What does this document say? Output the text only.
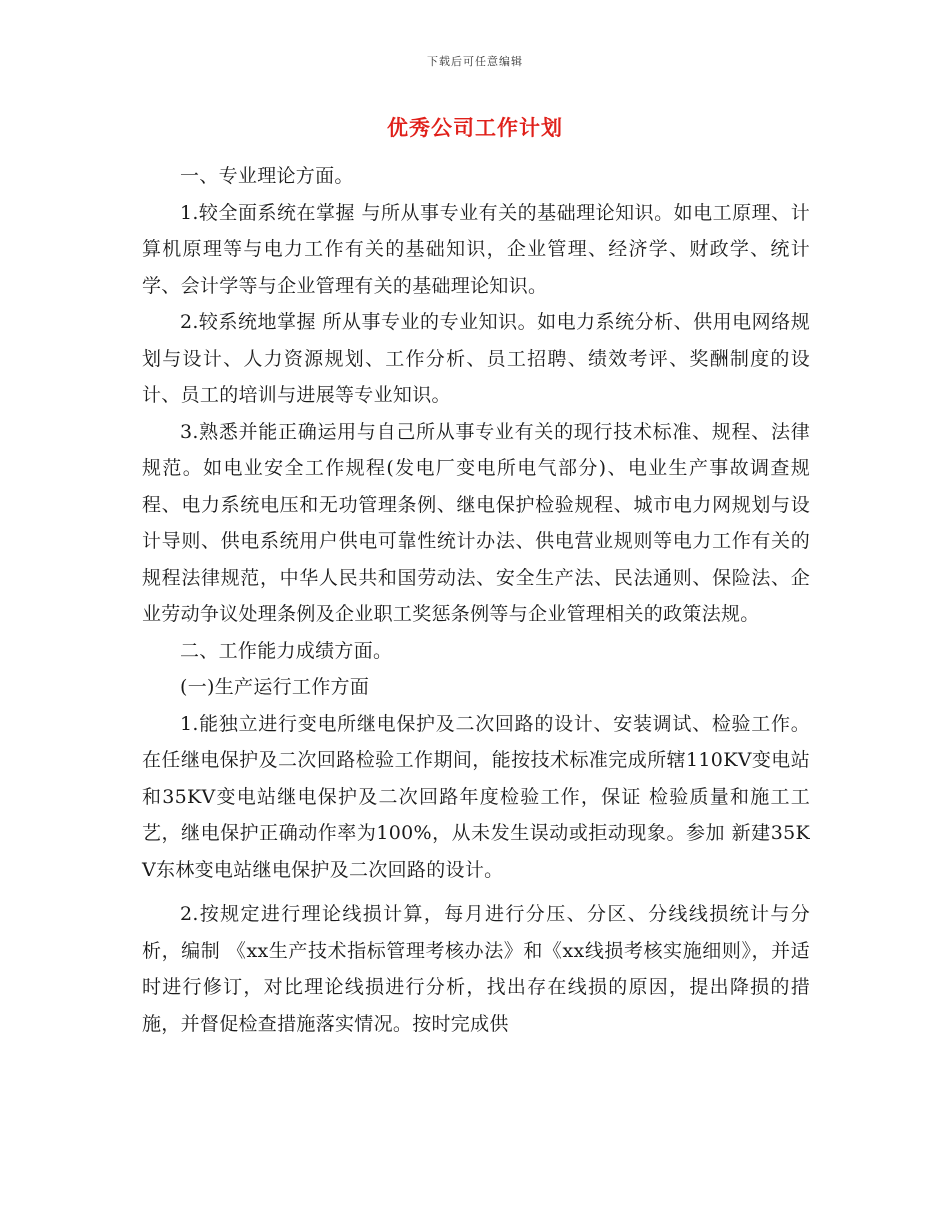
下载后可任意编辑
优秀公司工作计划

一、专业理论方面。

1.较全面系统在掌握 与所从事专业有关的基础理论知识。如电工原理、计算机原理等与电力工作有关的基础知识，企业管理、经济学、财政学、统计学、会计学等与企业管理有关的基础理论知识。

2.较系统地掌握 所从事专业的专业知识。如电力系统分析、供用电网络规划与设计、人力资源规划、工作分析、员工招聘、绩效考评、奖酬制度的设计、员工的培训与进展等专业知识。

3.熟悉并能正确运用与自己所从事专业有关的现行技术标准、规程、法律规范。如电业安全工作规程(发电厂变电所电气部分)、电业生产事故调查规程、电力系统电压和无功管理条例、继电保护检验规程、城市电力网规划与设计导则、供电系统用户供电可靠性统计办法、供电营业规则等电力工作有关的规程法律规范，中华人民共和国劳动法、安全生产法、民法通则、保险法、企业劳动争议处理条例及企业职工奖惩条例等与企业管理相关的政策法规。

二、工作能力成绩方面。

(一)生产运行工作方面

1.能独立进行变电所继电保护及二次回路的设计、安装调试、检验工作。在任继电保护及二次回路检验工作期间，能按技术标准完成所辖110KV变电站和35KV变电站继电保护及二次回路年度检验工作，保证 检验质量和施工工艺，继电保护正确动作率为100%，从未发生误动或拒动现象。参加 新建35KV东林变电站继电保护及二次回路的设计。

2.按规定进行理论线损计算，每月进行分压、分区、分线线损统计与分析，编制 《xx生产技术指标管理考核办法》和《xx线损考核实施细则》，并适时进行修订，对比理论线损进行分析，找出存在线损的原因，提出降损的措施，并督促检查措施落实情况。按时完成供
